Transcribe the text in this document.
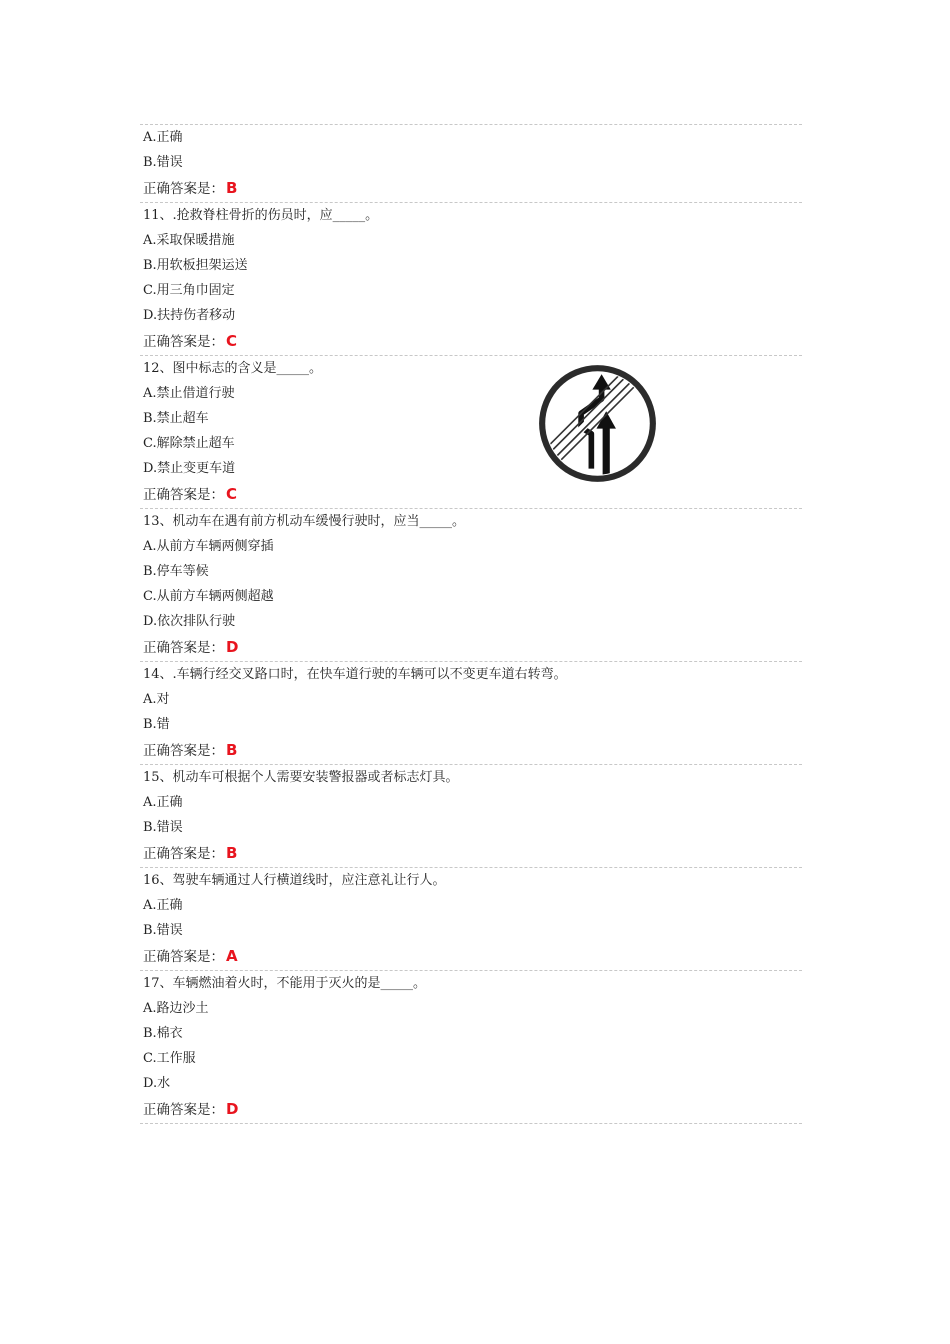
A.正确
B.错误
正确答案是： B
11、.抢救脊柱骨折的伤员时，应_____。
A.采取保暖措施
B.用软板担架运送
C.用三角巾固定
D.扶持伤者移动
正确答案是： C
12、图中标志的含义是_____。
A.禁止借道行驶
B.禁止超车
C.解除禁止超车
D.禁止变更车道
正确答案是： C
13、机动车在遇有前方机动车缓慢行驶时，应当_____。
A.从前方车辆两侧穿插
B.停车等候
C.从前方车辆两侧超越
D.依次排队行驶
正确答案是： D
14、.车辆行经交叉路口时，在快车道行驶的车辆可以不变更车道右转弯。
A.对
B.错
正确答案是： B
15、机动车可根据个人需要安装警报器或者标志灯具。
A.正确
B.错误
正确答案是： B
16、驾驶车辆通过人行横道线时，应注意礼让行人。
A.正确
B.错误
正确答案是： A
17、车辆燃油着火时，不能用于灭火的是_____。
A.路边沙土
B.棉衣
C.工作服
D.水
正确答案是： D
